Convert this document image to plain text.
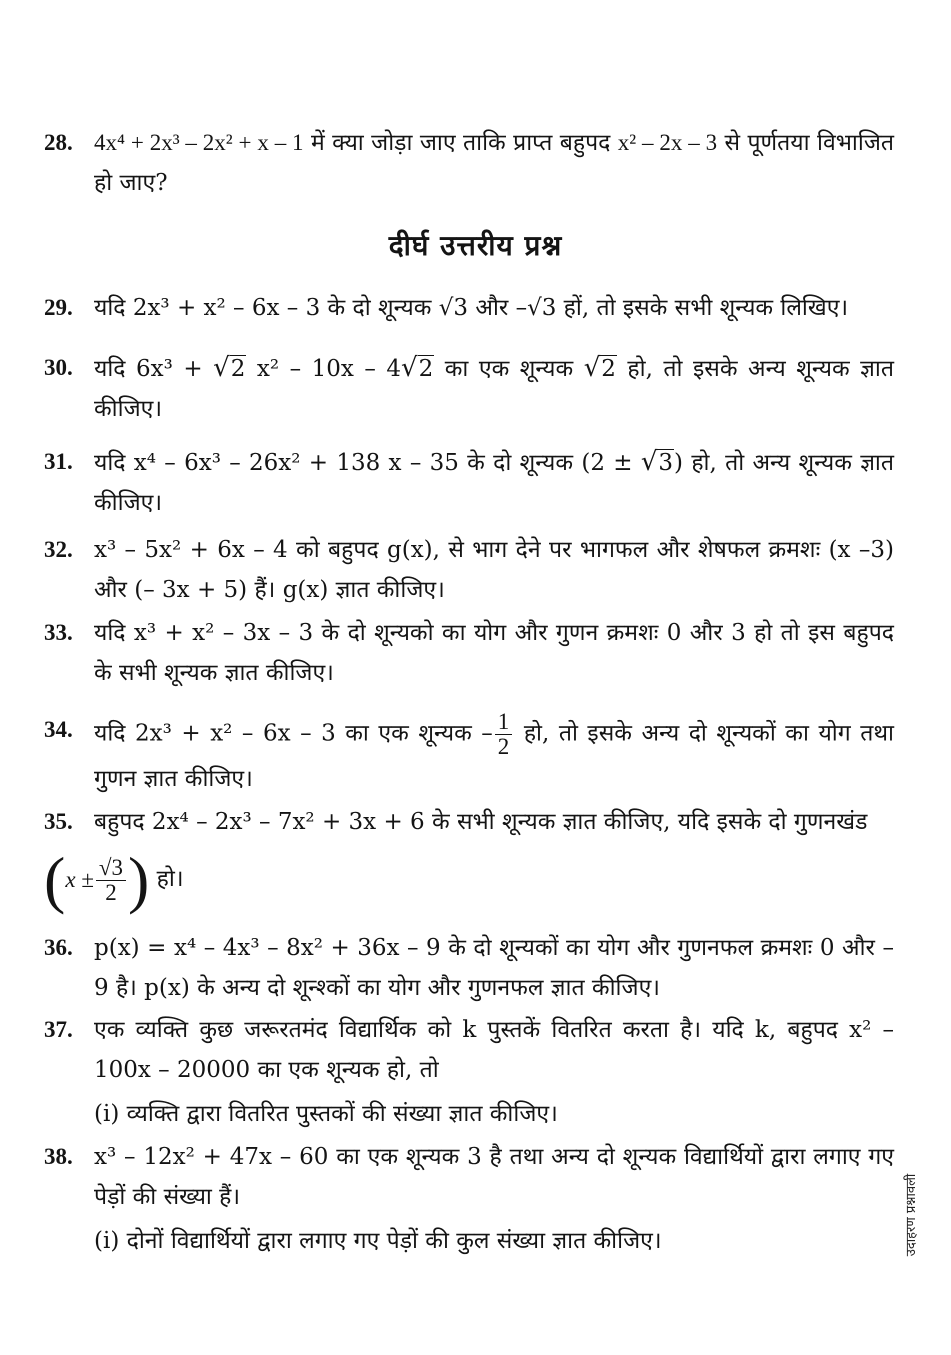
28. 4x⁴ + 2x³ – 2x² + x – 1 में क्या जोड़ा जाए ताकि प्राप्त बहुपद x² – 2x – 3 से पूर्णतया विभाजित हो जाए?
दीर्घ उत्तरीय प्रश्न
29. यदि 2x³ + x² – 6x – 3 के दो शून्यक √3 और –√3 हों, तो इसके सभी शून्यक लिखिए।
30. यदि 6x³ + √2 x² – 10x – 4√2 का एक शून्यक √2 हो, तो इसके अन्य शून्यक ज्ञात कीजिए।
31. यदि x⁴ – 6x³ – 26x² + 138 x – 35 के दो शून्यक (2 ± √3) हो, तो अन्य शून्यक ज्ञात कीजिए।
32. x³ – 5x² + 6x – 4 को बहुपद g(x), से भाग देने पर भागफल और शेषफल क्रमशः (x –3) और (– 3x + 5) हैं। g(x) ज्ञात कीजिए।
33. यदि x³ + x² – 3x – 3 के दो शून्यको का योग और गुणन क्रमशः 0 और 3 हो तो इस बहुपद के सभी शून्यक ज्ञात कीजिए।
34. यदि 2x³ + x² – 6x – 3 का एक शून्यक – $\frac{1}{2}$ हो, तो इसके अन्य दो शून्यकों का योग तथा गुणन ज्ञात कीजिए।
35. बहुपद 2x⁴ – 2x³ – 7x² + 3x + 6 के सभी शून्यक ज्ञात कीजिए, यदि इसके दो गुणनखंड
( $x \pm \frac{√3}{2}$ ) हो।
36. p(x) = x⁴ – 4x³ – 8x² + 36x – 9 के दो शून्यकों का योग और गुणनफल क्रमशः 0 और – 9 है। p(x) के अन्य दो शून्श्कों का योग और गुणनफल ज्ञात कीजिए।
37. एक व्यक्ति कुछ जरूरतमंद विद्यार्थिक को k पुस्तकें वितरित करता है। यदि k, बहुपद x² – 100x – 20000 का एक शून्यक हो, तो
(i) व्यक्ति द्वारा वितरित पुस्तकों की संख्या ज्ञात कीजिए।
38. x³ – 12x² + 47x – 60 का एक शून्यक 3 है तथा अन्य दो शून्यक विद्यार्थियों द्वारा लगाए गए पेड़ों की संख्या हैं।
(i) दोनों विद्यार्थियों द्वारा लगाए गए पेड़ों की कुल संख्या ज्ञात कीजिए।	उदाहरण प्रश्नावली
